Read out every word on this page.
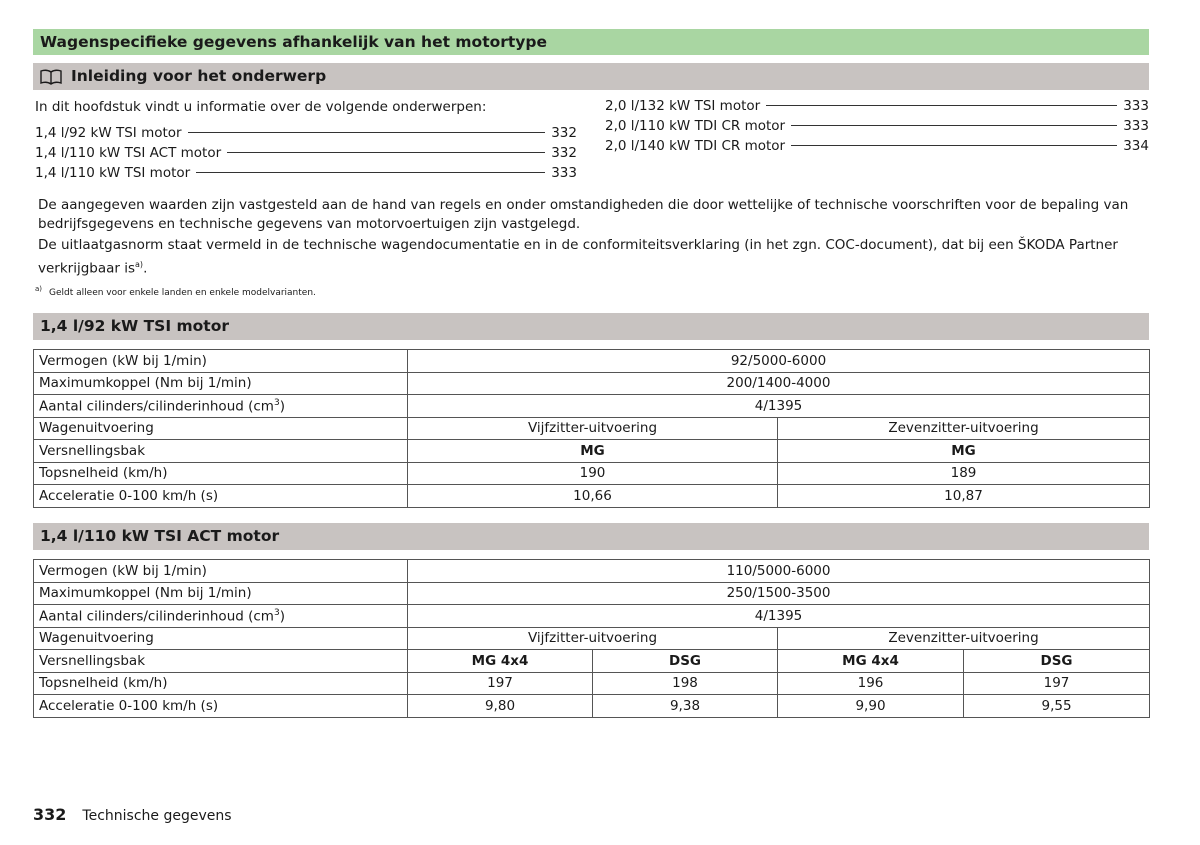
Wagenspecifieke gegevens afhankelijk van het motortype
Inleiding voor het onderwerp
In dit hoofdstuk vindt u informatie over de volgende onderwerpen:
1,4 l/92 kW TSI motor	332
1,4 l/110 kW TSI ACT motor	332
1,4 l/110 kW TSI motor	333
2,0 l/132 kW TSI motor	333
2,0 l/110 kW TDI CR motor	333
2,0 l/140 kW TDI CR motor	334
De aangegeven waarden zijn vastgesteld aan de hand van regels en onder omstandigheden die door wettelijke of technische voorschriften voor de bepaling van bedrijfsgegevens en technische gegevens van motorvoertuigen zijn vastgelegd.
De uitlaatgasnorm staat vermeld in de technische wagendocumentatie en in de conformiteitsverklaring (in het zgn. COC-document), dat bij een ŠKODA Partner verkrijgbaar $is^{a)}$.
$^{a)}$ Geldt alleen voor enkele landen en enkele modelvarianten.
1,4 l/92 kW TSI motor
Vermogen (kW bij 1/min)	92/5000-6000	
Maximumkoppel (Nm bij 1/min)	200/1400-4000	
Aantal cilinders/cilinderinhoud $(cm^3)$	4/1395	
Wagenuitvoering	Vijfzitter-uitvoering	Zevenzitter-uitvoering
Versnellingsbak	MG	MG
Topsnelheid (km/h)	190	189
Acceleratie 0-100 km/h (s)	10,66	10,87
1,4 l/110 kW TSI ACT motor
Vermogen (kW bij 1/min)	110/5000-6000			
Maximumkoppel (Nm bij 1/min)	250/1500-3500			
Aantal cilinders/cilinderinhoud $(cm^3)$	4/1395			
Wagenuitvoering	Vijfzitter-uitvoering		Zevenzitter-uitvoering	
Versnellingsbak	MG 4x4	DSG	MG 4x4	DSG
Topsnelheid (km/h)	197	198	196	197
Acceleratie 0-100 km/h (s)	9,80	9,38	9,90	9,55
332 Technische gegevens
